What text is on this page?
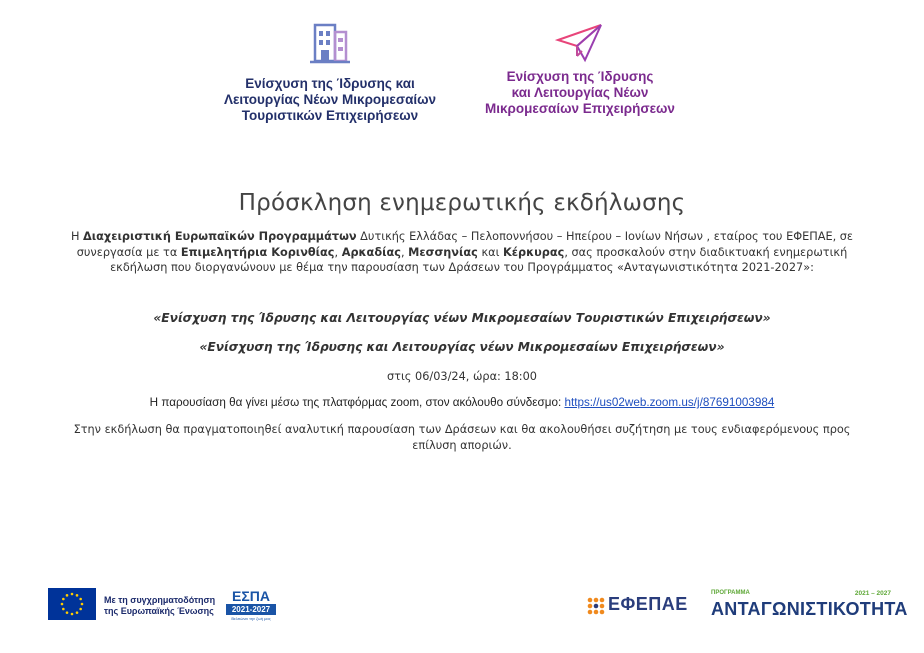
Ενίσχυση της Ίδρυσης και
Λειτουργίας Νέων Μικρομεσαίων
Τουριστικών Επιχειρήσεων
Ενίσχυση της Ίδρυσης
και Λειτουργίας Νέων
Μικρομεσαίων Επιχειρήσεων
Πρόσκληση ενημερωτικής εκδήλωσης
Η Διαχειριστική Ευρωπαϊκών Προγραμμάτων Δυτικής Ελλάδας – Πελοποννήσου – Ηπείρου – Ιονίων Νήσων , εταίρος του ΕΦΕΠΑΕ, σε συνεργασία με τα Επιμελητήρια Κορινθίας, Αρκαδίας, Μεσσηνίας και Κέρκυρας, σας προσκαλούν στην διαδικτυακή ενημερωτική εκδήλωση που διοργανώνουν με θέμα την παρουσίαση των Δράσεων του Προγράμματος «Ανταγωνιστικότητα 2021-2027»:
«Ενίσχυση της Ίδρυσης και Λειτουργίας νέων Μικρομεσαίων Τουριστικών Επιχειρήσεων»
«Ενίσχυση της Ίδρυσης και Λειτουργίας νέων Μικρομεσαίων Επιχειρήσεων»
στις 06/03/24, ώρα: 18:00
Η παρουσίαση θα γίνει μέσω της πλατφόρμας zoom, στον ακόλουθο σύνδεσμο: https://us02web.zoom.us/j/87691003984
Στην εκδήλωση θα πραγματοποιηθεί αναλυτική παρουσίαση των Δράσεων και θα ακολουθήσει συζήτηση με τους ενδιαφερόμενους προς επίλυση αποριών.
Με τη συγχρηματοδότηση
της Ευρωπαϊκής Ένωσης
ΕΣΠΑ
2021-2027
Βελτιώνει την ζωή μας
ΕΦΕΠΑΕ
ΠΡΟΓΡΑΜΜΑ	2021 – 2027
ΑΝΤΑΓΩΝΙΣΤΙΚΟΤΗΤΑ
